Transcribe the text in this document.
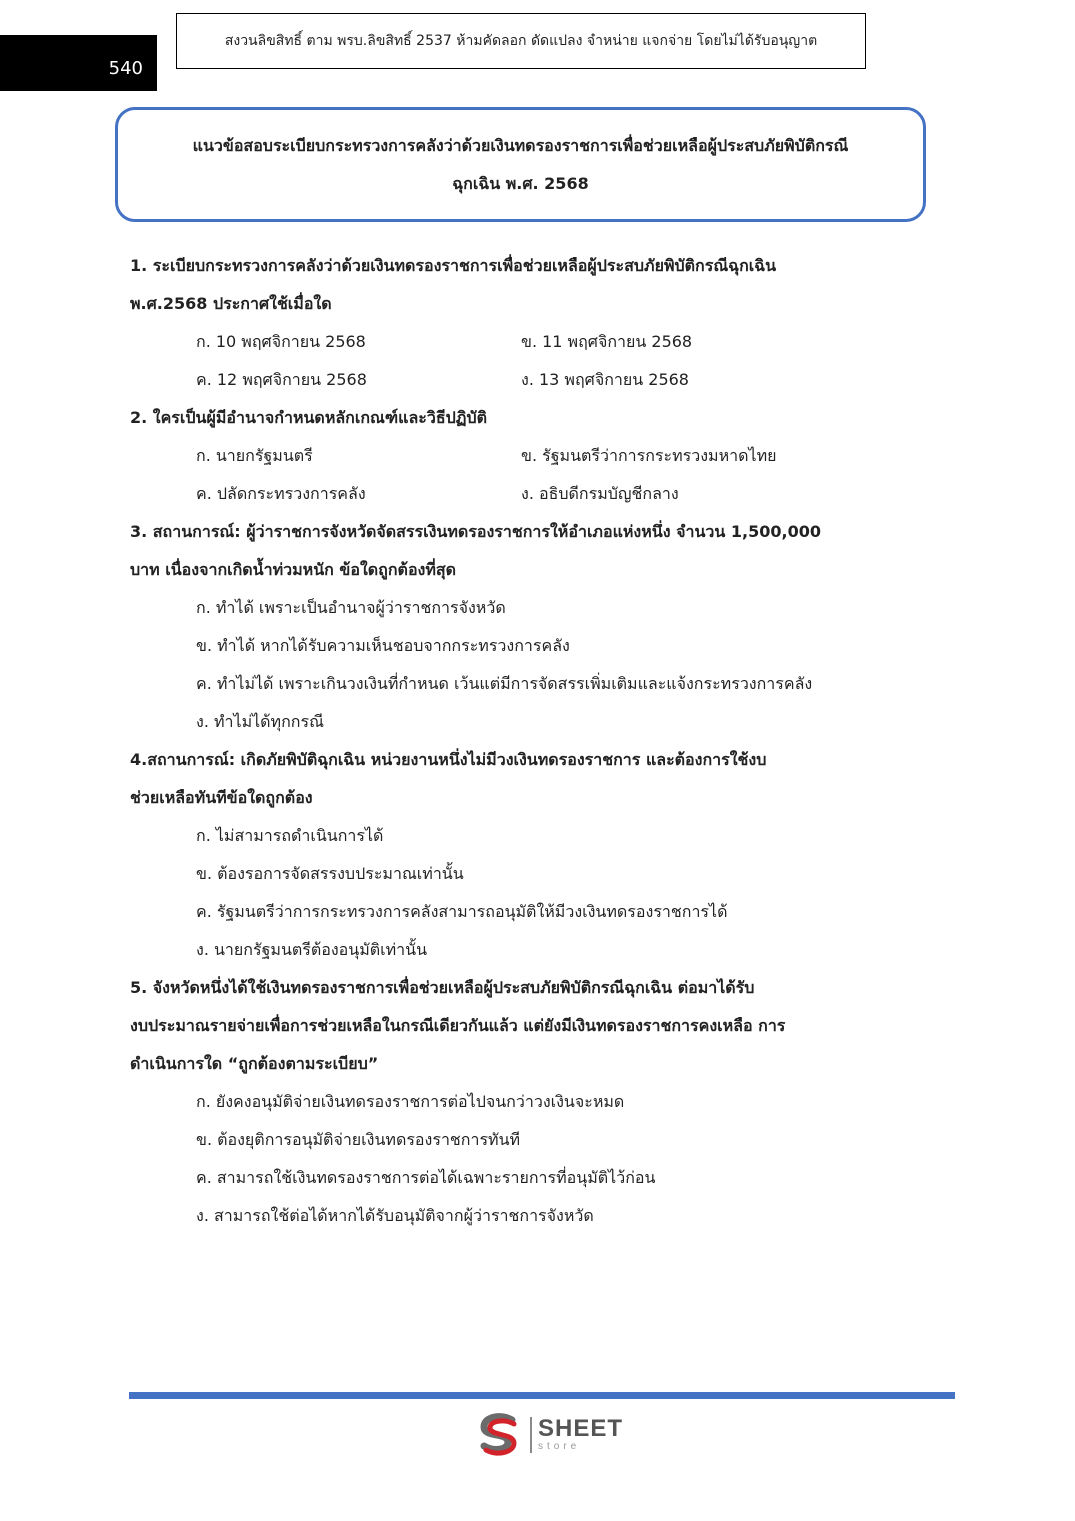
540
สงวนลิขสิทธิ์ ตาม พรบ.ลิขสิทธิ์ 2537 ห้ามคัดลอก ดัดแปลง จำหน่าย แจกจ่าย โดยไม่ได้รับอนุญาต
แนวข้อสอบระเบียบกระทรวงการคลังว่าด้วยเงินทดรองราชการเพื่อช่วยเหลือผู้ประสบภัยพิบัติกรณี
ฉุกเฉิน พ.ศ. 2568

1. ระเบียบกระทรวงการคลังว่าด้วยเงินทดรองราชการเพื่อช่วยเหลือผู้ประสบภัยพิบัติกรณีฉุกเฉิน

พ.ศ.2568 ประกาศใช้เมื่อใด

ก. 10 พฤศจิกายน 2568	ข. 11 พฤศจิกายน 2568
ค. 12 พฤศจิกายน 2568	ง. 13 พฤศจิกายน 2568

2. ใครเป็นผู้มีอำนาจกำหนดหลักเกณฑ์และวิธีปฏิบัติ

ก. นายกรัฐมนตรี	ข. รัฐมนตรีว่าการกระทรวงมหาดไทย
ค. ปลัดกระทรวงการคลัง	ง. อธิบดีกรมบัญชีกลาง

3. สถานการณ์: ผู้ว่าราชการจังหวัดจัดสรรเงินทดรองราชการให้อำเภอแห่งหนึ่ง จำนวน 1,500,000

บาท เนื่องจากเกิดน้ำท่วมหนัก ข้อใดถูกต้องที่สุด

ก. ทำได้ เพราะเป็นอำนาจผู้ว่าราชการจังหวัด
ข. ทำได้ หากได้รับความเห็นชอบจากกระทรวงการคลัง
ค. ทำไม่ได้ เพราะเกินวงเงินที่กำหนด เว้นแต่มีการจัดสรรเพิ่มเติมและแจ้งกระทรวงการคลัง
ง. ทำไม่ได้ทุกกรณี

4.สถานการณ์: เกิดภัยพิบัติฉุกเฉิน หน่วยงานหนึ่งไม่มีวงเงินทดรองราชการ และต้องการใช้งบ

ช่วยเหลือทันทีข้อใดถูกต้อง

ก. ไม่สามารถดำเนินการได้
ข. ต้องรอการจัดสรรงบประมาณเท่านั้น
ค. รัฐมนตรีว่าการกระทรวงการคลังสามารถอนุมัติให้มีวงเงินทดรองราชการได้
ง. นายกรัฐมนตรีต้องอนุมัติเท่านั้น

5. จังหวัดหนึ่งได้ใช้เงินทดรองราชการเพื่อช่วยเหลือผู้ประสบภัยพิบัติกรณีฉุกเฉิน ต่อมาได้รับ

งบประมาณรายจ่ายเพื่อการช่วยเหลือในกรณีเดียวกันแล้ว แต่ยังมีเงินทดรองราชการคงเหลือ การ

ดำเนินการใด “ถูกต้องตามระเบียบ”

ก. ยังคงอนุมัติจ่ายเงินทดรองราชการต่อไปจนกว่าวงเงินจะหมด
ข. ต้องยุติการอนุมัติจ่ายเงินทดรองราชการทันที
ค. สามารถใช้เงินทดรองราชการต่อได้เฉพาะรายการที่อนุมัติไว้ก่อน
ง. สามารถใช้ต่อได้หากได้รับอนุมัติจากผู้ว่าราชการจังหวัด
SHEET
store
